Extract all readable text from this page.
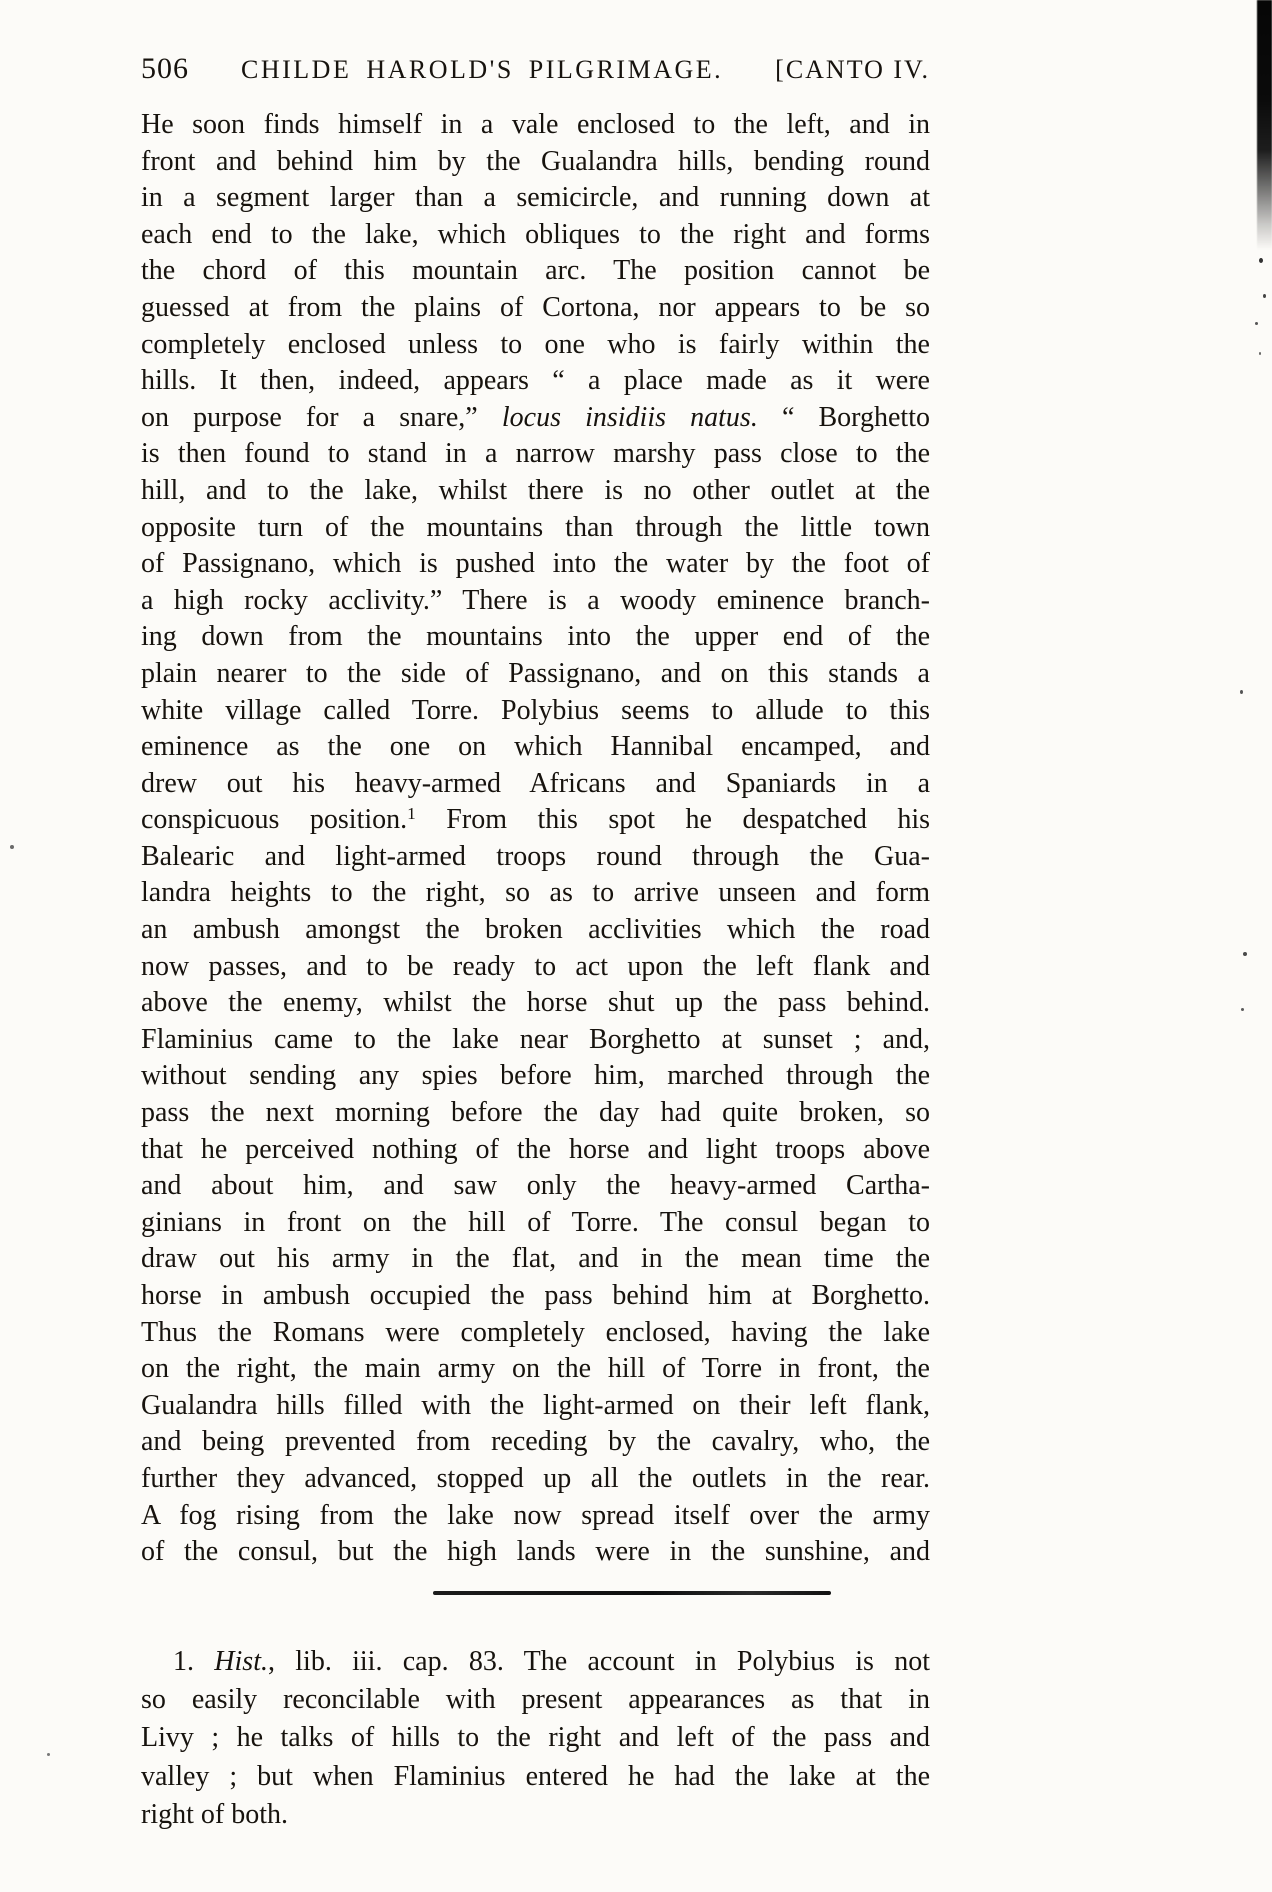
506 CHILDE HAROLD'S PILGRIMAGE. [CANTO IV.
He soon finds himself in a vale enclosed to the left, and in
front and behind him by the Gualandra hills, bending round
in a segment larger than a semicircle, and running down at
each end to the lake, which obliques to the right and forms
the chord of this mountain arc. The position cannot be
guessed at from the plains of Cortona, nor appears to be so
completely enclosed unless to one who is fairly within the
hills. It then, indeed, appears “ a place made as it were
on purpose for a snare,” locus insidiis natus. “ Borghetto
is then found to stand in a narrow marshy pass close to the
hill, and to the lake, whilst there is no other outlet at the
opposite turn of the mountains than through the little town
of Passignano, which is pushed into the water by the foot of
a high rocky acclivity.” There is a woody eminence branch-
ing down from the mountains into the upper end of the
plain nearer to the side of Passignano, and on this stands a
white village called Torre. Polybius seems to allude to this
eminence as the one on which Hannibal encamped, and
drew out his heavy-armed Africans and Spaniards in a
conspicuous position.$^1$ From this spot he despatched his
Balearic and light-armed troops round through the Gua-
landra heights to the right, so as to arrive unseen and form
an ambush amongst the broken acclivities which the road
now passes, and to be ready to act upon the left flank and
above the enemy, whilst the horse shut up the pass behind.
Flaminius came to the lake near Borghetto at sunset ; and,
without sending any spies before him, marched through the
pass the next morning before the day had quite broken, so
that he perceived nothing of the horse and light troops above
and about him, and saw only the heavy-armed Cartha-
ginians in front on the hill of Torre. The consul began to
draw out his army in the flat, and in the mean time the
horse in ambush occupied the pass behind him at Borghetto.
Thus the Romans were completely enclosed, having the lake
on the right, the main army on the hill of Torre in front, the
Gualandra hills filled with the light-armed on their left flank,
and being prevented from receding by the cavalry, who, the
further they advanced, stopped up all the outlets in the rear.
A fog rising from the lake now spread itself over the army
of the consul, but the high lands were in the sunshine, and
1. Hist., lib. iii. cap. 83. The account in Polybius is not
so easily reconcilable with present appearances as that in
Livy ; he talks of hills to the right and left of the pass and
valley ; but when Flaminius entered he had the lake at the
right of both.
